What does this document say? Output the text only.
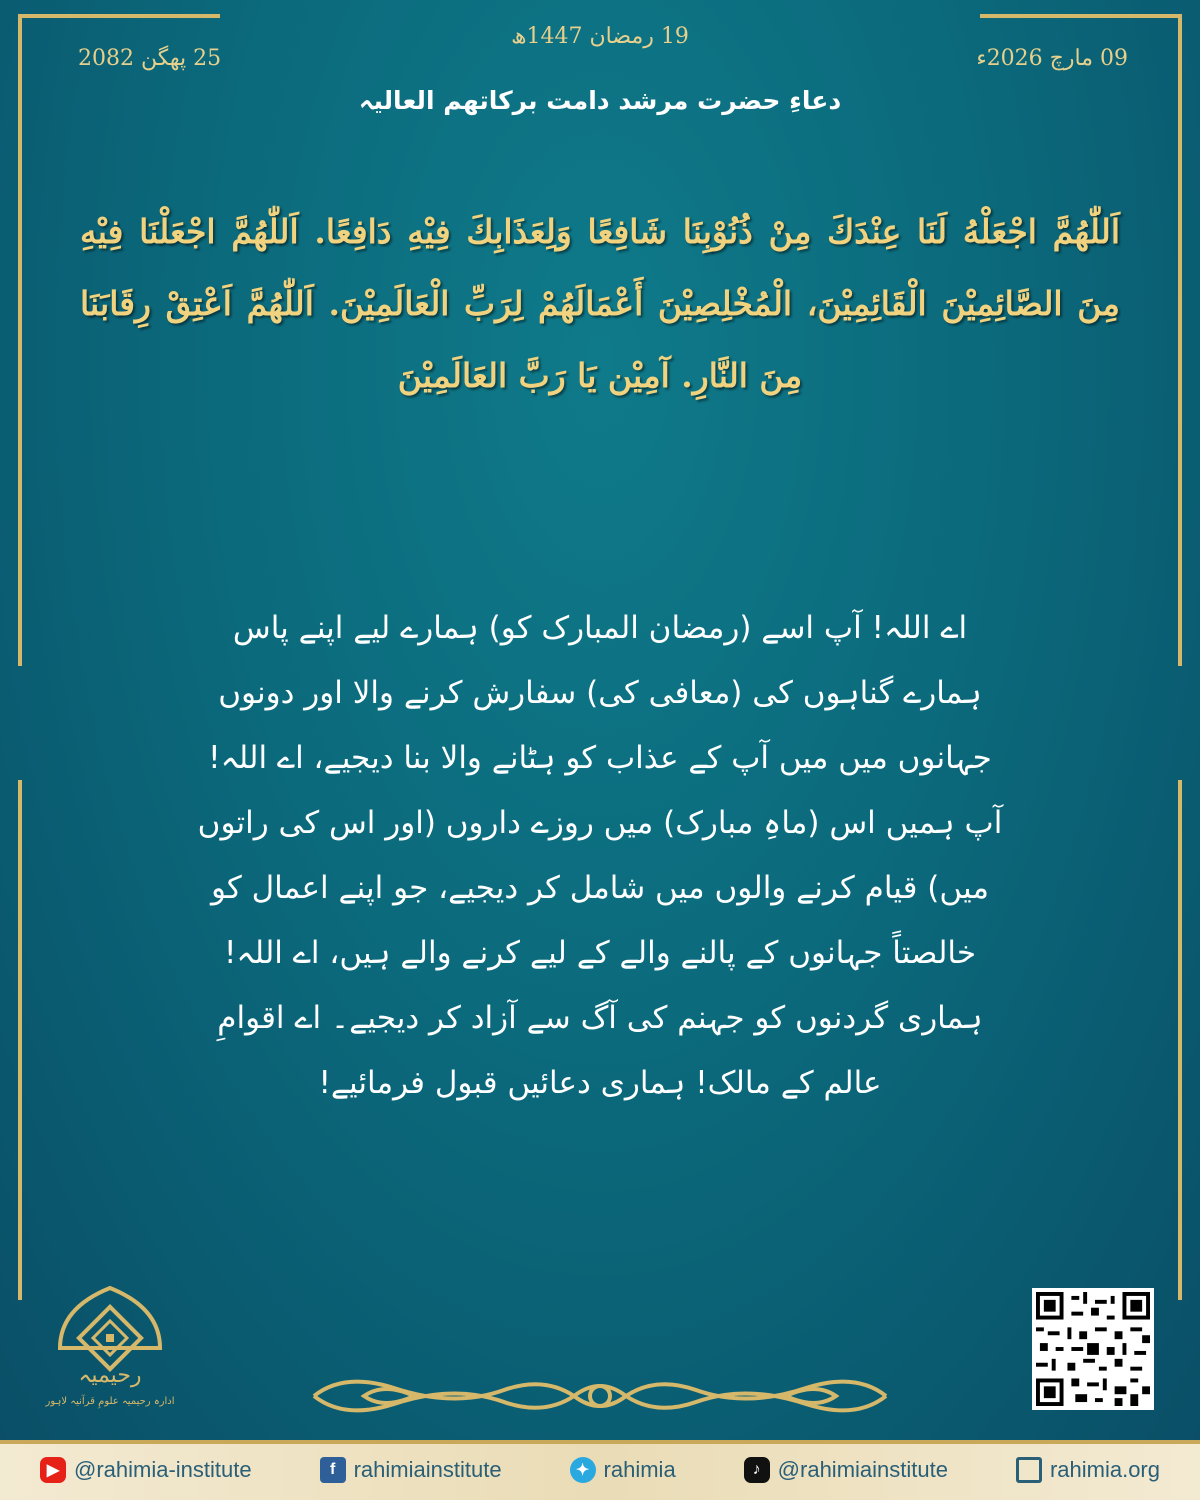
19 رمضان 1447ھ
09 مارچ 2026ء
25 پھگن 2082
دعاءِ حضرت مرشد دامت برکاتھم العالیہ
اَللّٰهُمَّ اجْعَلْهُ لَنَا عِنْدَكَ مِنْ ذُنُوْبِنَا شَافِعًا وَلِعَذَابِكَ فِيْهِ دَافِعًا. اَللّٰهُمَّ اجْعَلْنَا فِيْهِ مِنَ الصَّائِمِيْنَ الْقَائِمِيْنَ، الْمُخْلِصِيْنَ أَعْمَالَهُمْ لِرَبِّ الْعَالَمِيْنَ. اَللّٰهُمَّ اَعْتِقْ رِقَابَنَا مِنَ النَّارِ. آمِيْن يَا رَبَّ العَالَمِيْنَ
اے اللہ! آپ اسے (رمضان المبارک کو) ہمارے لیے اپنے پاس ہمارے گناہوں کی (معافی کی) سفارش کرنے والا اور دونوں جہانوں میں میں آپ کے عذاب کو ہٹانے والا بنا دیجیے، اے اللہ! آپ ہمیں اس (ماہِ مبارک) میں روزے داروں (اور اس کی راتوں میں) قیام کرنے والوں میں شامل کر دیجیے، جو اپنے اعمال کو خالصتاً جہانوں کے پالنے والے کے لیے کرنے والے ہیں، اے اللہ! ہماری گردنوں کو جہنم کی آگ سے آزاد کر دیجیے۔ اے اقوامِ عالم کے مالک! ہماری دعائیں قبول فرمائیے!
رحیمیہ
ادارہ رحیمیہ علومِ قرآنیہ لاہور
▶ @rahimia-institute	f rahimiainstitute	✦ rahimia	♪ @rahimiainstitute	rahimia.org
